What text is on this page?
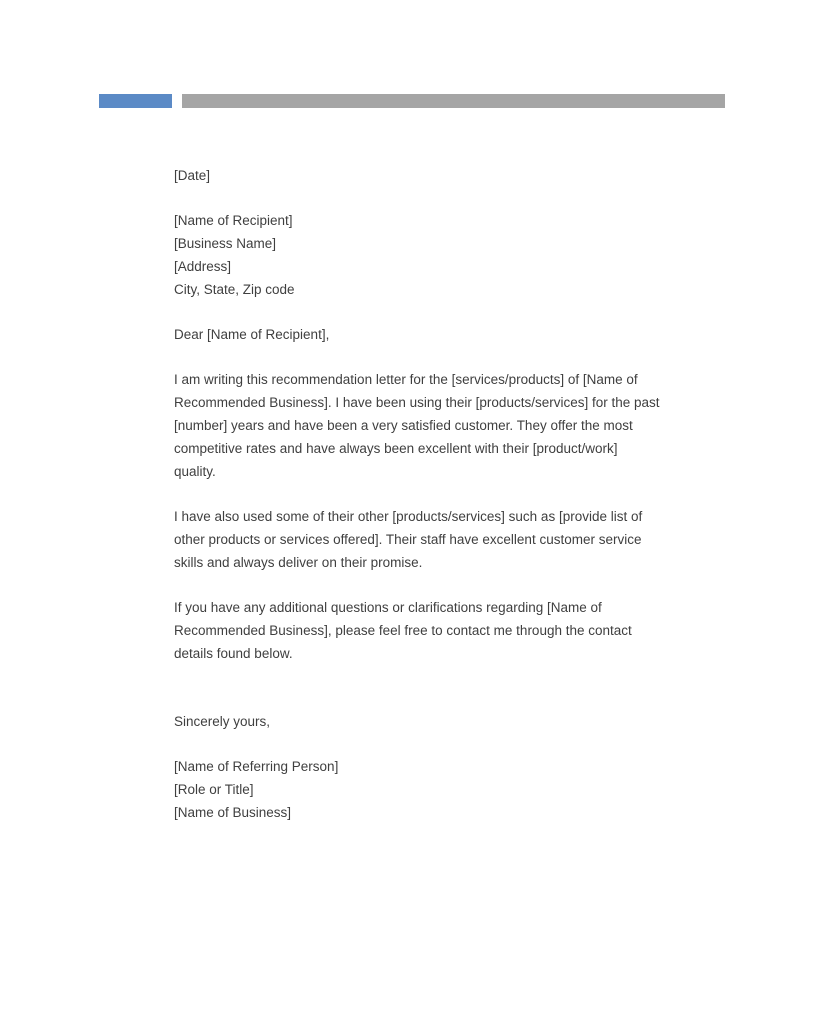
[Date]
[Name of Recipient]
[Business Name]
[Address]
City, State, Zip code
Dear [Name of Recipient],
I am writing this recommendation letter for the [services/products] of [Name of
Recommended Business]. I have been using their [products/services] for the past
[number] years and have been a very satisfied customer. They offer the most
competitive rates and have always been excellent with their [product/work]
quality.
I have also used some of their other [products/services] such as [provide list of
other products or services offered]. Their staff have excellent customer service
skills and always deliver on their promise.
If you have any additional questions or clarifications regarding [Name of
Recommended Business], please feel free to contact me through the contact
details found below.
Sincerely yours,
[Name of Referring Person]
[Role or Title]
[Name of Business]
